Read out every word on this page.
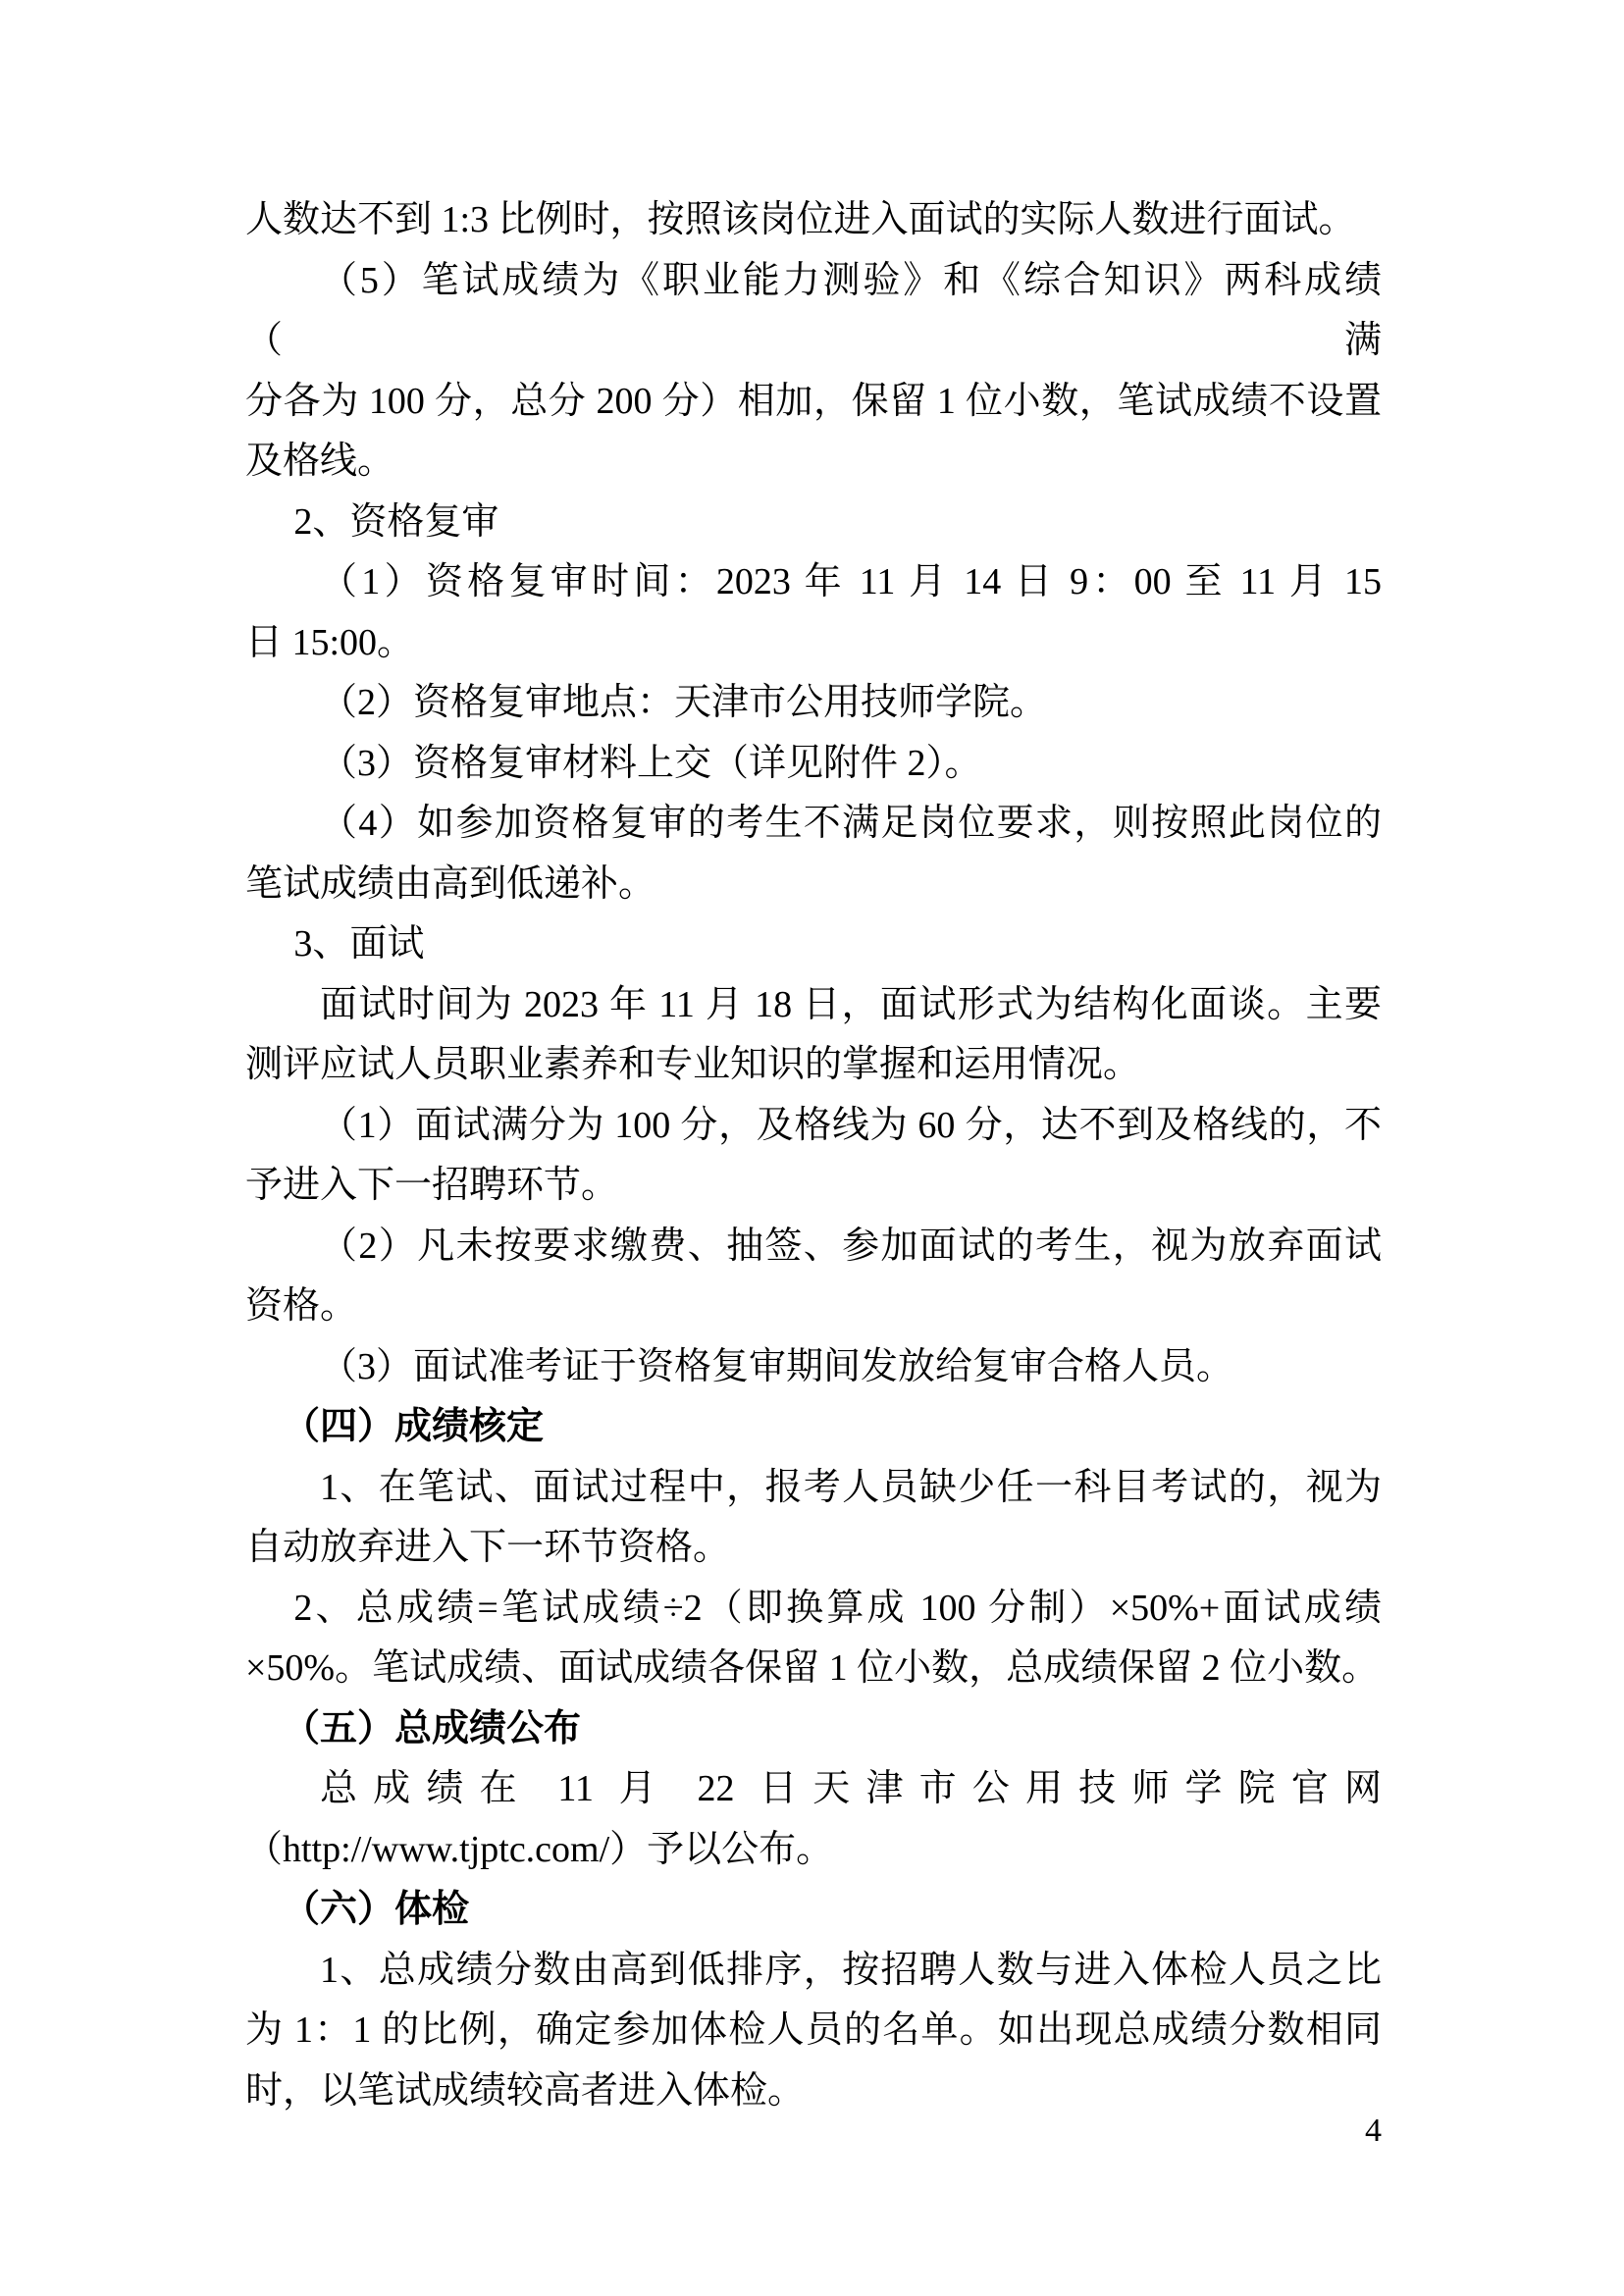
人数达不到 1:3 比例时，按照该岗位进入面试的实际人数进行面试。
（5）笔试成绩为《职业能力测验》和《综合知识》两科成绩（满
分各为 100 分，总分 200 分）相加，保留 1 位小数，笔试成绩不设置
及格线。
2、资格复审
（1）资格复审时间：2023 年 11 月 14 日 9：00 至 11 月 15
日 15:00。
（2）资格复审地点：天津市公用技师学院。
（3）资格复审材料上交（详见附件 2）。
（4）如参加资格复审的考生不满足岗位要求，则按照此岗位的
笔试成绩由高到低递补。
3、面试
面试时间为 2023 年 11 月 18 日，面试形式为结构化面谈。主要
测评应试人员职业素养和专业知识的掌握和运用情况。
（1）面试满分为 100 分，及格线为 60 分，达不到及格线的，不
予进入下一招聘环节。
（2）凡未按要求缴费、抽签、参加面试的考生，视为放弃面试
资格。
（3）面试准考证于资格复审期间发放给复审合格人员。
（四）成绩核定
1、在笔试、面试过程中，报考人员缺少任一科目考试的，视为
自动放弃进入下一环节资格。
2、总成绩=笔试成绩÷2（即换算成 100 分制）×50%+面试成绩
×50%。笔试成绩、面试成绩各保留 1 位小数，总成绩保留 2 位小数。
（五）总成绩公布
总成绩在 11 月 22 日天津市公用技师学院官网
（http://www.tjptc.com/）予以公布。
（六）体检
1、总成绩分数由高到低排序，按招聘人数与进入体检人员之比
为 1：1 的比例，确定参加体检人员的名单。如出现总成绩分数相同
时，以笔试成绩较高者进入体检。
4
